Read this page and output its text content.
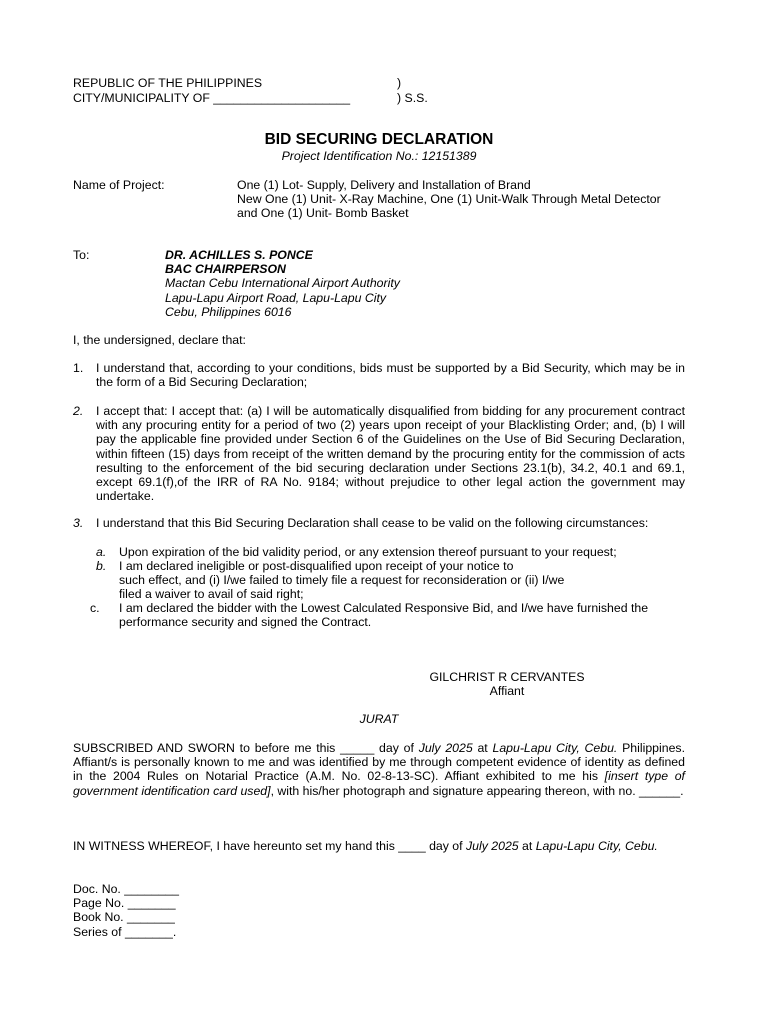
REPUBLIC OF THE PHILIPPINES
CITY/MUNICIPALITY OF ____________________
)
) S.S.
BID SECURING DECLARATION
Project Identification No.: 12151389
Name of Project:	One (1) Lot- Supply, Delivery and Installation of Brand
New One (1) Unit- X-Ray Machine, One (1) Unit-Walk Through Metal Detector
and One (1) Unit- Bomb Basket
To:	DR. ACHILLES S. PONCE
BAC CHAIRPERSON
Mactan Cebu International Airport Authority
Lapu-Lapu Airport Road, Lapu-Lapu City
Cebu, Philippines 6016
I, the undersigned, declare that:
1. I understand that, according to your conditions, bids must be supported by a Bid Security, which may be in the form of a Bid Securing Declaration;
2. I accept that: I accept that: (a) I will be automatically disqualified from bidding for any procurement contract with any procuring entity for a period of two (2) years upon receipt of your Blacklisting Order; and, (b) I will pay the applicable fine provided under Section 6 of the Guidelines on the Use of Bid Securing Declaration, within fifteen (15) days from receipt of the written demand by the procuring entity for the commission of acts resulting to the enforcement of the bid securing declaration under Sections 23.1(b), 34.2, 40.1 and 69.1, except 69.1(f),of the IRR of RA No. 9184; without prejudice to other legal action the government may undertake.
3. I understand that this Bid Securing Declaration shall cease to be valid on the following circumstances:
a. Upon expiration of the bid validity period, or any extension thereof pursuant to your request;
b. I am declared ineligible or post-disqualified upon receipt of your notice to
such effect, and (i) I/we failed to timely file a request for reconsideration or (ii) I/we
filed a waiver to avail of said right;
c. I am declared the bidder with the Lowest Calculated Responsive Bid, and I/we have furnished the
performance security and signed the Contract.
GILCHRIST R CERVANTES
Affiant
JURAT
SUBSCRIBED AND SWORN to before me this _____ day of July 2025 at Lapu-Lapu City, Cebu. Philippines. Affiant/s is personally known to me and was identified by me through competent evidence of identity as defined in the 2004 Rules on Notarial Practice (A.M. No. 02-8-13-SC). Affiant exhibited to me his [insert type of government identification card used], with his/her photograph and signature appearing thereon, with no. ______.
IN WITNESS WHEREOF, I have hereunto set my hand this ____ day of July 2025 at Lapu-Lapu City, Cebu.
Doc. No. ________
Page No. _______
Book No. _______
Series of _______.
